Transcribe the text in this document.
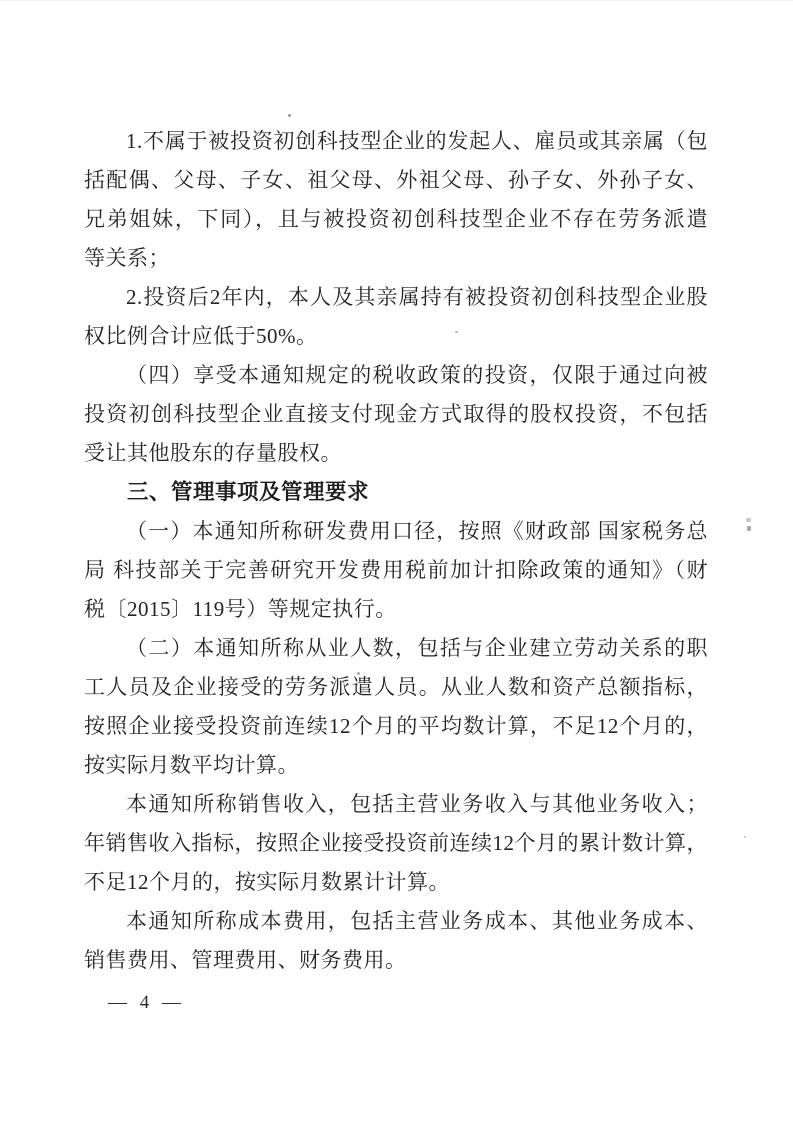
1.不属于被投资初创科技型企业的发起人、雇员或其亲属（包
括配偶、父母、子女、祖父母、外祖父母、孙子女、外孙子女、
兄弟姐妹，下同），且与被投资初创科技型企业不存在劳务派遣
等关系；
2.投资后2年内，本人及其亲属持有被投资初创科技型企业股
权比例合计应低于50%。
（四）享受本通知规定的税收政策的投资，仅限于通过向被
投资初创科技型企业直接支付现金方式取得的股权投资，不包括
受让其他股东的存量股权。
三、管理事项及管理要求
（一）本通知所称研发费用口径，按照《财政部 国家税务总
局 科技部关于完善研究开发费用税前加计扣除政策的通知》（财
税〔2015〕119号）等规定执行。
（二）本通知所称从业人数，包括与企业建立劳动关系的职
工人员及企业接受的劳务派遣人员。从业人数和资产总额指标，
按照企业接受投资前连续12个月的平均数计算，不足12个月的，
按实际月数平均计算。
本通知所称销售收入，包括主营业务收入与其他业务收入；
年销售收入指标，按照企业接受投资前连续12个月的累计数计算，
不足12个月的，按实际月数累计计算。
本通知所称成本费用，包括主营业务成本、其他业务成本、
销售费用、管理费用、财务费用。
— 4 —
